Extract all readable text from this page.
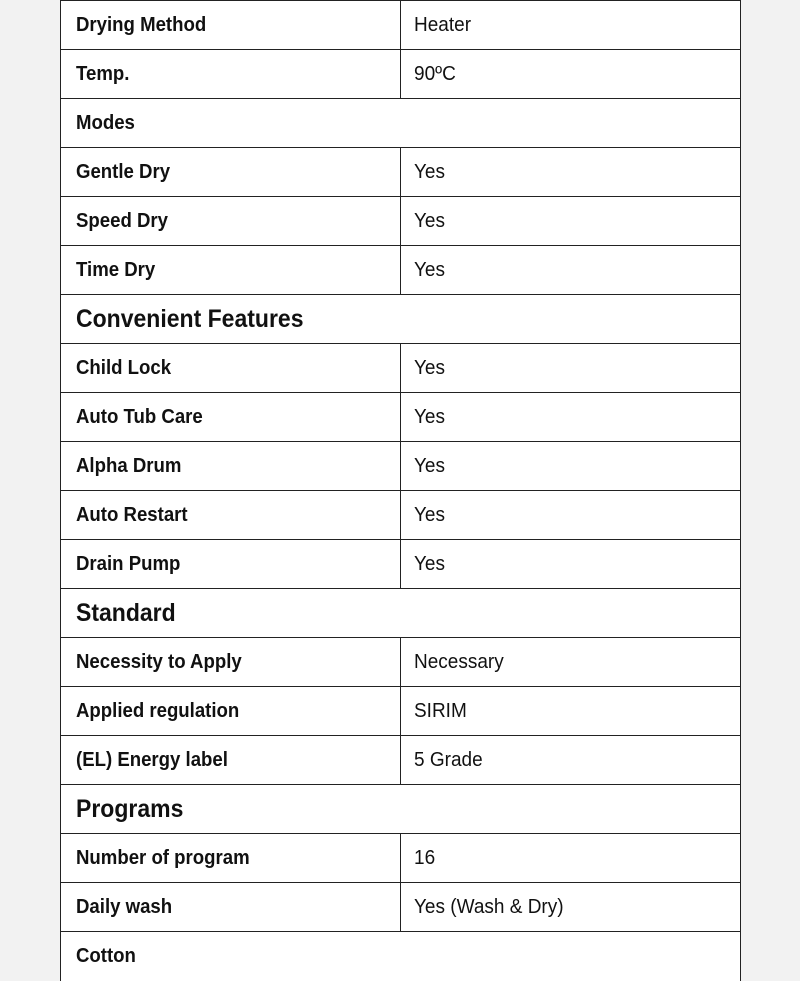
Drying Method	Heater
Temp.	90ºC
Modes	
Gentle Dry	Yes
Speed Dry	Yes
Time Dry	Yes
Convenient Features	
Child Lock	Yes
Auto Tub Care	Yes
Alpha Drum	Yes
Auto Restart	Yes
Drain Pump	Yes
Standard	
Necessity to Apply	Necessary
Applied regulation	SIRIM
(EL) Energy label	5 Grade
Programs	
Number of program	16
Daily wash	Yes (Wash & Dry)
Cotton	
